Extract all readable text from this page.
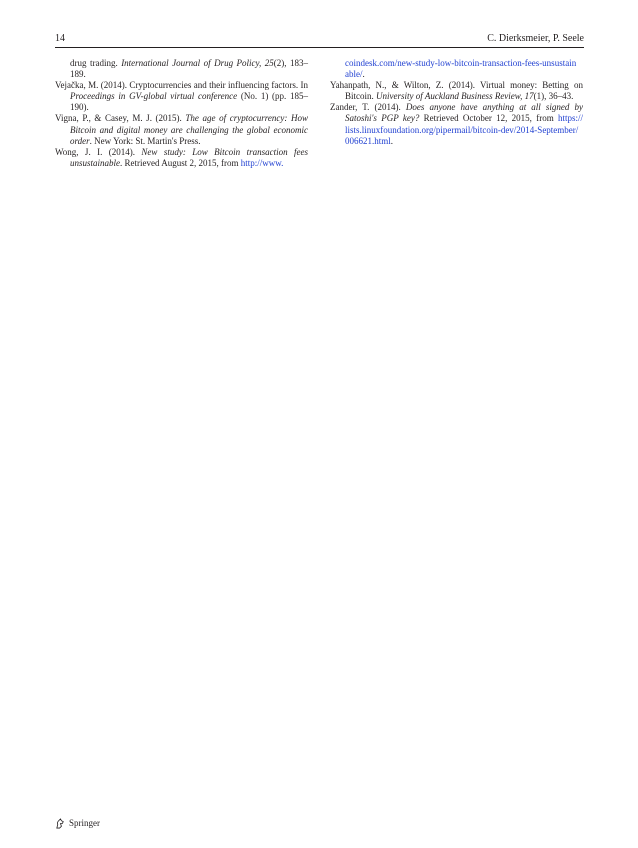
14	C. Dierksmeier, P. Seele

drug trading. International Journal of Drug Policy, 25(2), 183–189.

Vejačka, M. (2014). Cryptocurrencies and their influencing factors. In Proceedings in GV-global virtual conference (No. 1) (pp. 185–190).

Vigna, P., & Casey, M. J. (2015). The age of cryptocurrency: How Bitcoin and digital money are challenging the global economic order. New York: St. Martin's Press.

Wong, J. I. (2014). New study: Low Bitcoin transaction fees unsustainable. Retrieved August 2, 2015, from http://www.

coindesk.com/new-study-low-bitcoin-transaction-fees-unsustain able/.

Yahanpath, N., & Wilton, Z. (2014). Virtual money: Betting on Bitcoin. University of Auckland Business Review, 17(1), 36–43.

Zander, T. (2014). Does anyone have anything at all signed by Satoshi's PGP key? Retrieved October 12, 2015, from https:// lists.linuxfoundation.org/pipermail/bitcoin-dev/2014-September/ 006621.html.

Springer
